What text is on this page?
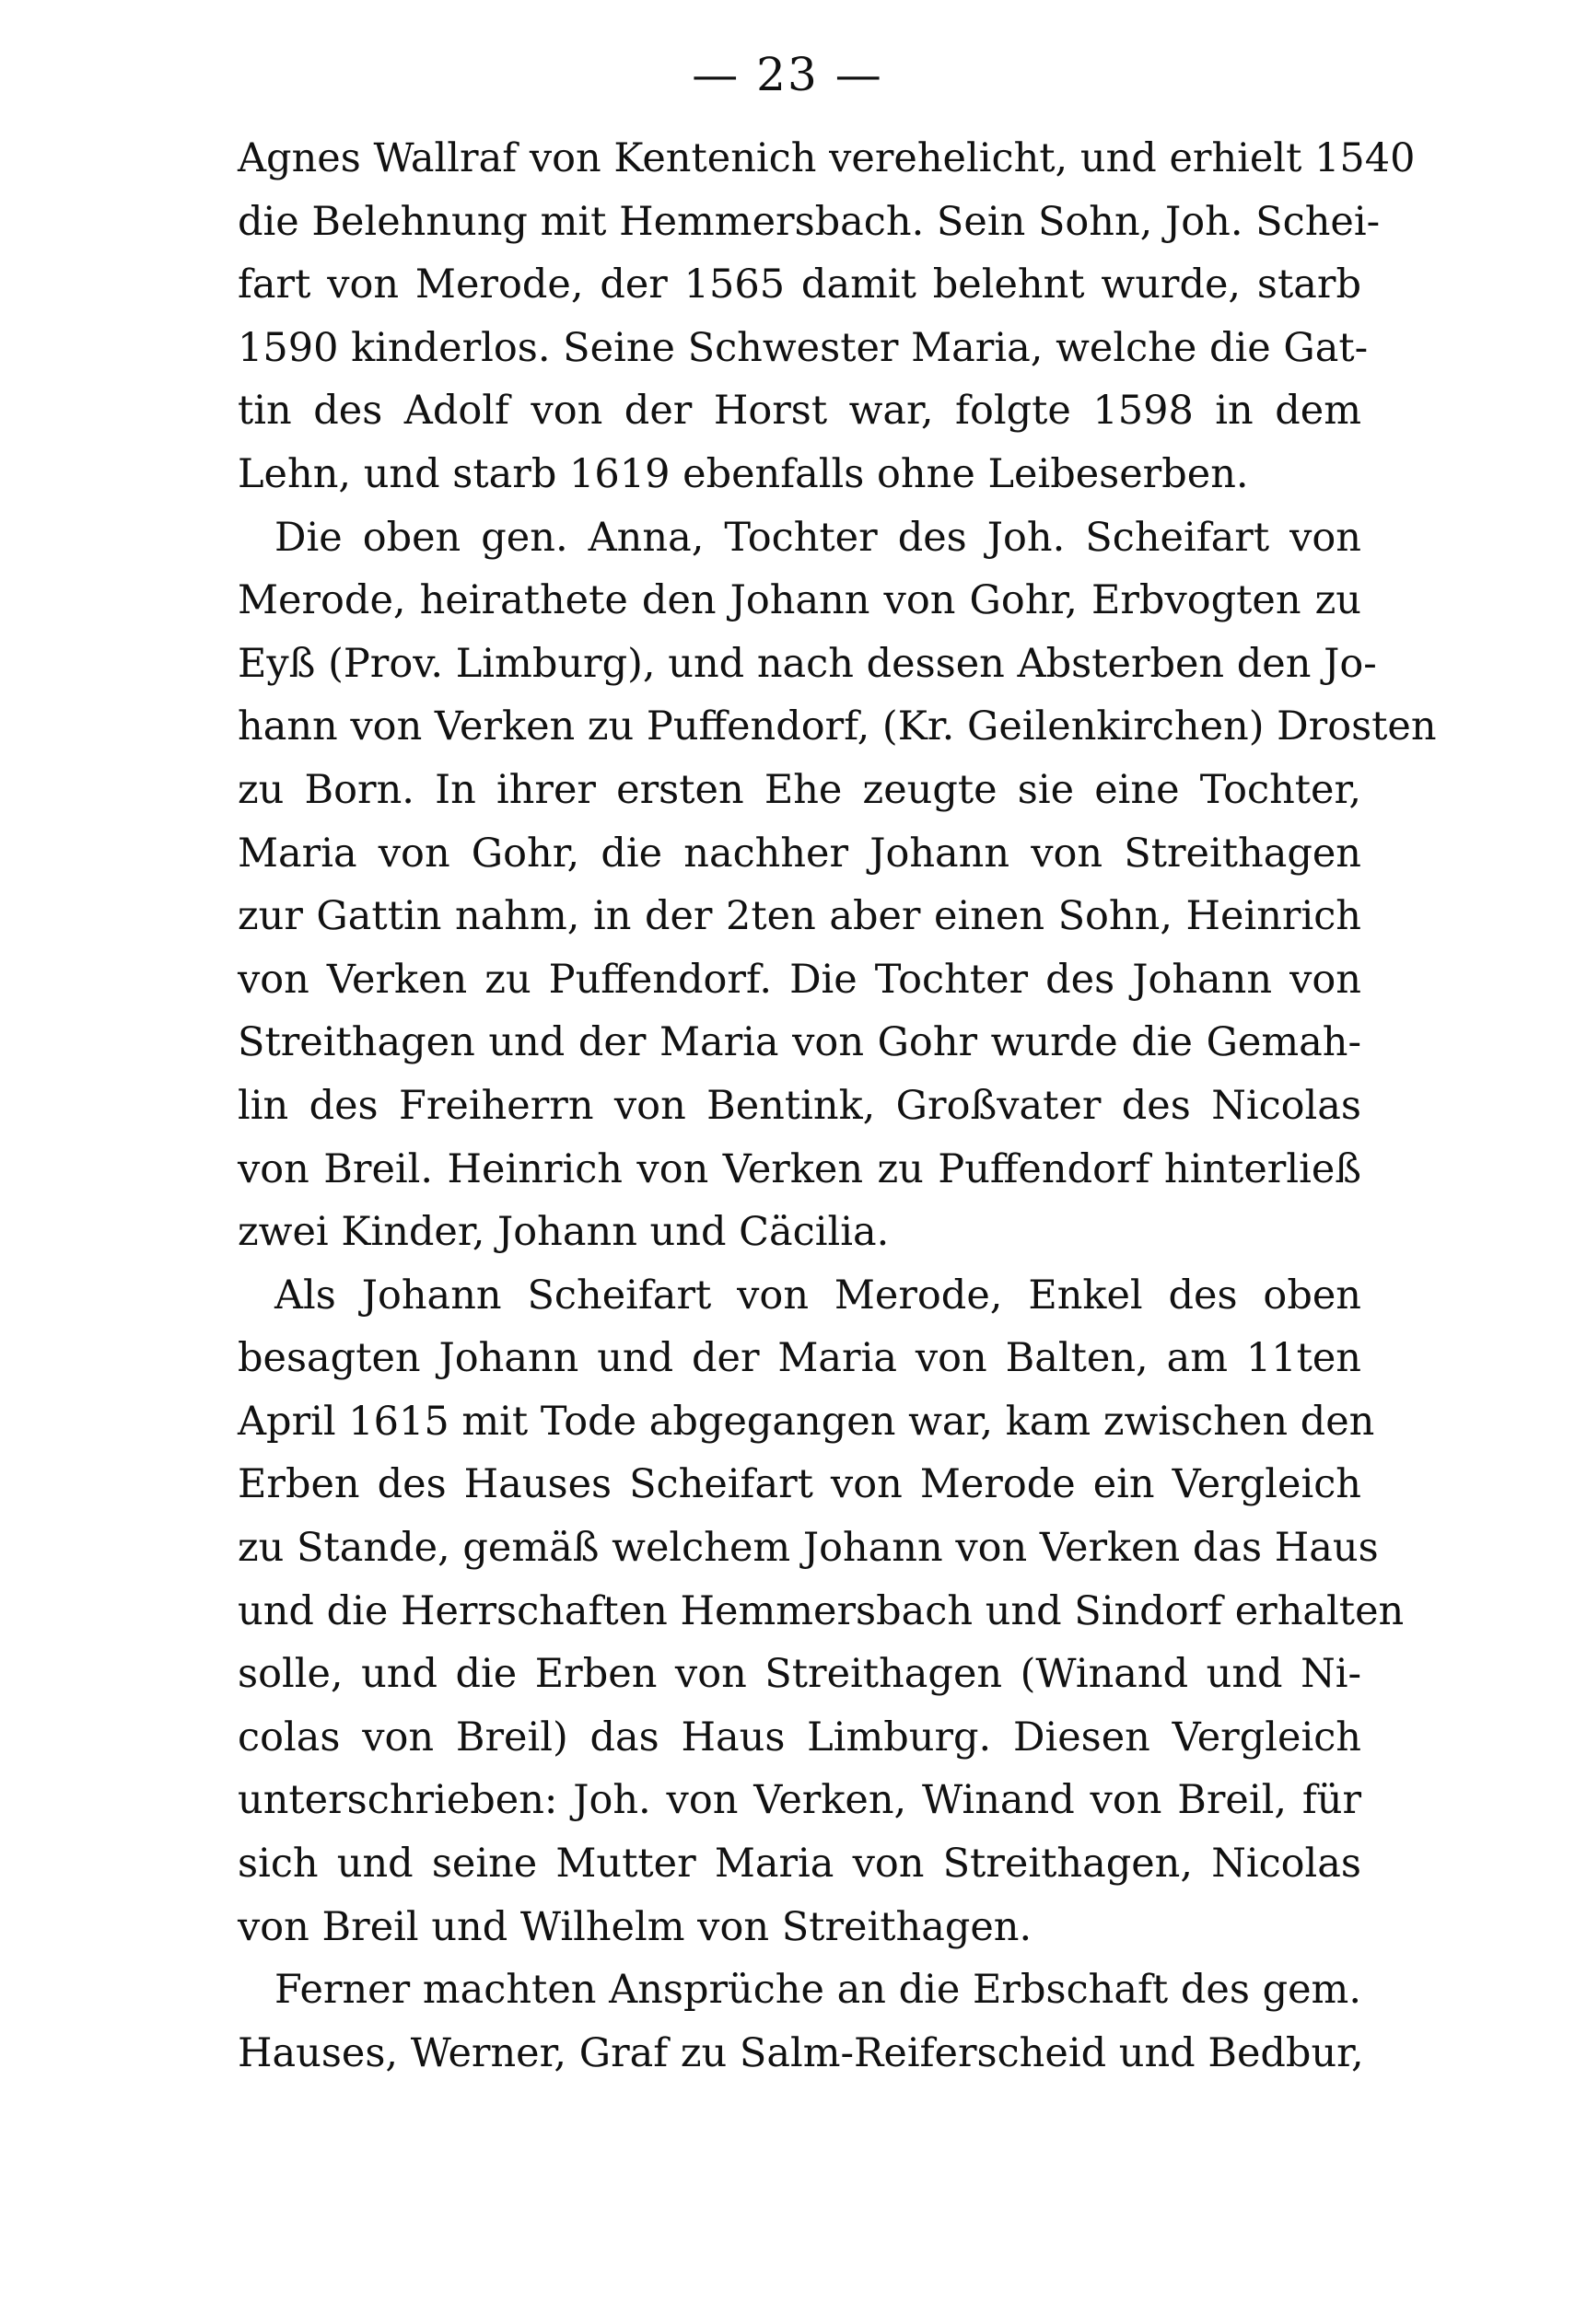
— 23 —
Agnes Wallraf von Kentenich verehelicht, und erhielt 1540
die Belehnung mit Hemmersbach. Sein Sohn, Joh. Schei-
fart von Merode, der 1565 damit belehnt wurde, starb
1590 kinderlos. Seine Schwester Maria, welche die Gat-
tin des Adolf von der Horst war, folgte 1598 in dem
Lehn, und starb 1619 ebenfalls ohne Leibeserben.
Die oben gen. Anna, Tochter des Joh. Scheifart von
Merode, heirathete den Johann von Gohr, Erbvogten zu
Eyß (Prov. Limburg), und nach dessen Absterben den Jo-
hann von Verken zu Puffendorf, (Kr. Geilenkirchen) Drosten
zu Born. In ihrer ersten Ehe zeugte sie eine Tochter,
Maria von Gohr, die nachher Johann von Streithagen
zur Gattin nahm, in der 2ten aber einen Sohn, Heinrich
von Verken zu Puffendorf. Die Tochter des Johann von
Streithagen und der Maria von Gohr wurde die Gemah-
lin des Freiherrn von Bentink, Großvater des Nicolas
von Breil. Heinrich von Verken zu Puffendorf hinterließ
zwei Kinder, Johann und Cäcilia.
Als Johann Scheifart von Merode, Enkel des oben
besagten Johann und der Maria von Balten, am 11ten
April 1615 mit Tode abgegangen war, kam zwischen den
Erben des Hauses Scheifart von Merode ein Vergleich
zu Stande, gemäß welchem Johann von Verken das Haus
und die Herrschaften Hemmersbach und Sindorf erhalten
solle, und die Erben von Streithagen (Winand und Ni-
colas von Breil) das Haus Limburg. Diesen Vergleich
unterschrieben: Joh. von Verken, Winand von Breil, für
sich und seine Mutter Maria von Streithagen, Nicolas
von Breil und Wilhelm von Streithagen.
Ferner machten Ansprüche an die Erbschaft des gem.
Hauses, Werner, Graf zu Salm-Reiferscheid und Bedbur,
